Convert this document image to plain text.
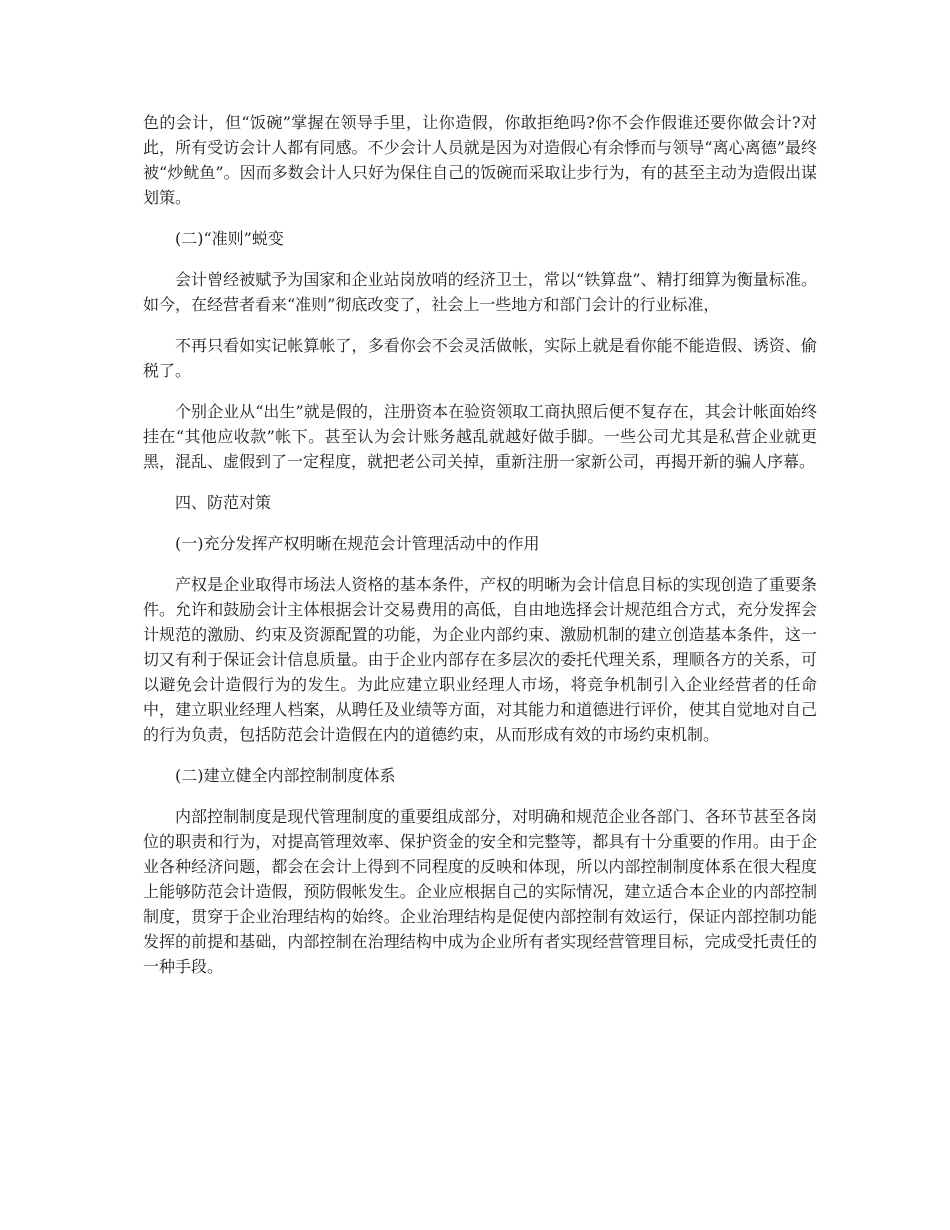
色的会计，但“饭碗”掌握在领导手里，让你造假，你敢拒绝吗?你不会作假谁还要你做会计?对此，所有受访会计人都有同感。不少会计人员就是因为对造假心有余悸而与领导“离心离德”最终被“炒鱿鱼”。因而多数会计人只好为保住自己的饭碗而采取让步行为，有的甚至主动为造假出谋划策。

(二)“准则”蜕变

会计曾经被赋予为国家和企业站岗放哨的经济卫士，常以“铁算盘”、精打细算为衡量标准。如今，在经营者看来“准则”彻底改变了，社会上一些地方和部门会计的行业标准，

不再只看如实记帐算帐了，多看你会不会灵活做帐，实际上就是看你能不能造假、诱资、偷税了。

个别企业从“出生”就是假的，注册资本在验资领取工商执照后便不复存在，其会计帐面始终挂在“其他应收款”帐下。甚至认为会计账务越乱就越好做手脚。一些公司尤其是私营企业就更黑，混乱、虚假到了一定程度，就把老公司关掉，重新注册一家新公司，再揭开新的骗人序幕。

四、防范对策

(一)充分发挥产权明晰在规范会计管理活动中的作用

产权是企业取得市场法人资格的基本条件，产权的明晰为会计信息目标的实现创造了重要条件。允许和鼓励会计主体根据会计交易费用的高低，自由地选择会计规范组合方式，充分发挥会计规范的激励、约束及资源配置的功能，为企业内部约束、激励机制的建立创造基本条件，这一切又有利于保证会计信息质量。由于企业内部存在多层次的委托代理关系，理顺各方的关系，可以避免会计造假行为的发生。为此应建立职业经理人市场，将竞争机制引入企业经营者的任命中，建立职业经理人档案，从聘任及业绩等方面，对其能力和道德进行评价，使其自觉地对自己的行为负责，包括防范会计造假在内的道德约束，从而形成有效的市场约束机制。

(二)建立健全内部控制制度体系

内部控制制度是现代管理制度的重要组成部分，对明确和规范企业各部门、各环节甚至各岗位的职责和行为，对提高管理效率、保护资金的安全和完整等，都具有十分重要的作用。由于企业各种经济问题，都会在会计上得到不同程度的反映和体现，所以内部控制制度体系在很大程度上能够防范会计造假，预防假帐发生。企业应根据自己的实际情况，建立适合本企业的内部控制制度，贯穿于企业治理结构的始终。企业治理结构是促使内部控制有效运行，保证内部控制功能发挥的前提和基础，内部控制在治理结构中成为企业所有者实现经营管理目标，完成受托责任的一种手段。
